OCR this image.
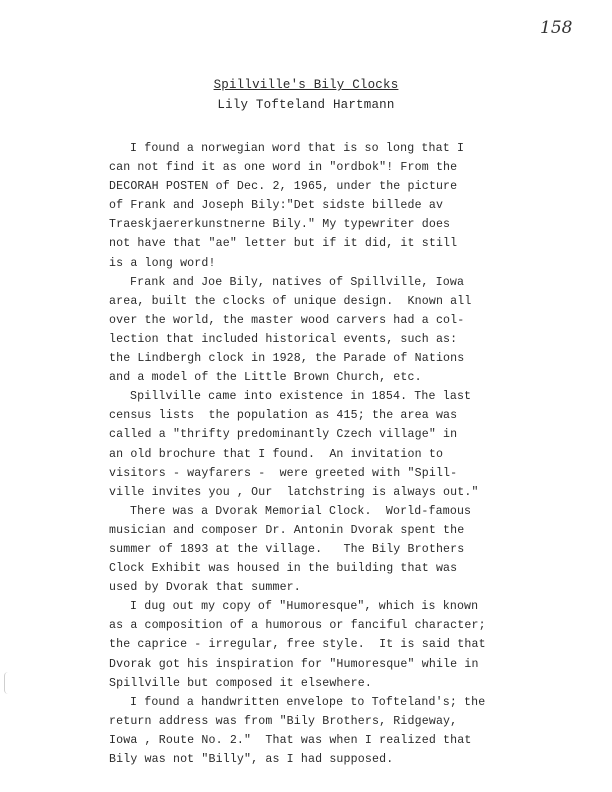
158
Spillville's Bily Clocks
Lily Tofteland Hartmann
I found a norwegian word that is so long that I
can not find it as one word in "ordbok"! From the
DECORAH POSTEN of Dec. 2, 1965, under the picture
of Frank and Joseph Bily:"Det sidste billede av
Traeskjaererkunstnerne Bily." My typewriter does
not have that "ae" letter but if it did, it still
is a long word!
Frank and Joe Bily, natives of Spillville, Iowa
area, built the clocks of unique design.  Known all
over the world, the master wood carvers had a col-
lection that included historical events, such as:
the Lindbergh clock in 1928, the Parade of Nations
and a model of the Little Brown Church, etc.
Spillville came into existence in 1854. The last
census lists  the population as 415; the area was
called a "thrifty predominantly Czech village" in
an old brochure that I found.  An invitation to
visitors - wayfarers -  were greeted with "Spill-
ville invites you , Our  latchstring is always out."
There was a Dvorak Memorial Clock.  World-famous
musician and composer Dr. Antonin Dvorak spent the
summer of 1893 at the village.   The Bily Brothers
Clock Exhibit was housed in the building that was
used by Dvorak that summer.
I dug out my copy of "Humoresque", which is known
as a composition of a humorous or fanciful character;
the caprice - irregular, free style.  It is said that
Dvorak got his inspiration for "Humoresque" while in
Spillville but composed it elsewhere.
I found a handwritten envelope to Tofteland's; the
return address was from "Bily Brothers, Ridgeway,
Iowa , Route No. 2."  That was when I realized that
Bily was not "Billy", as I had supposed.
